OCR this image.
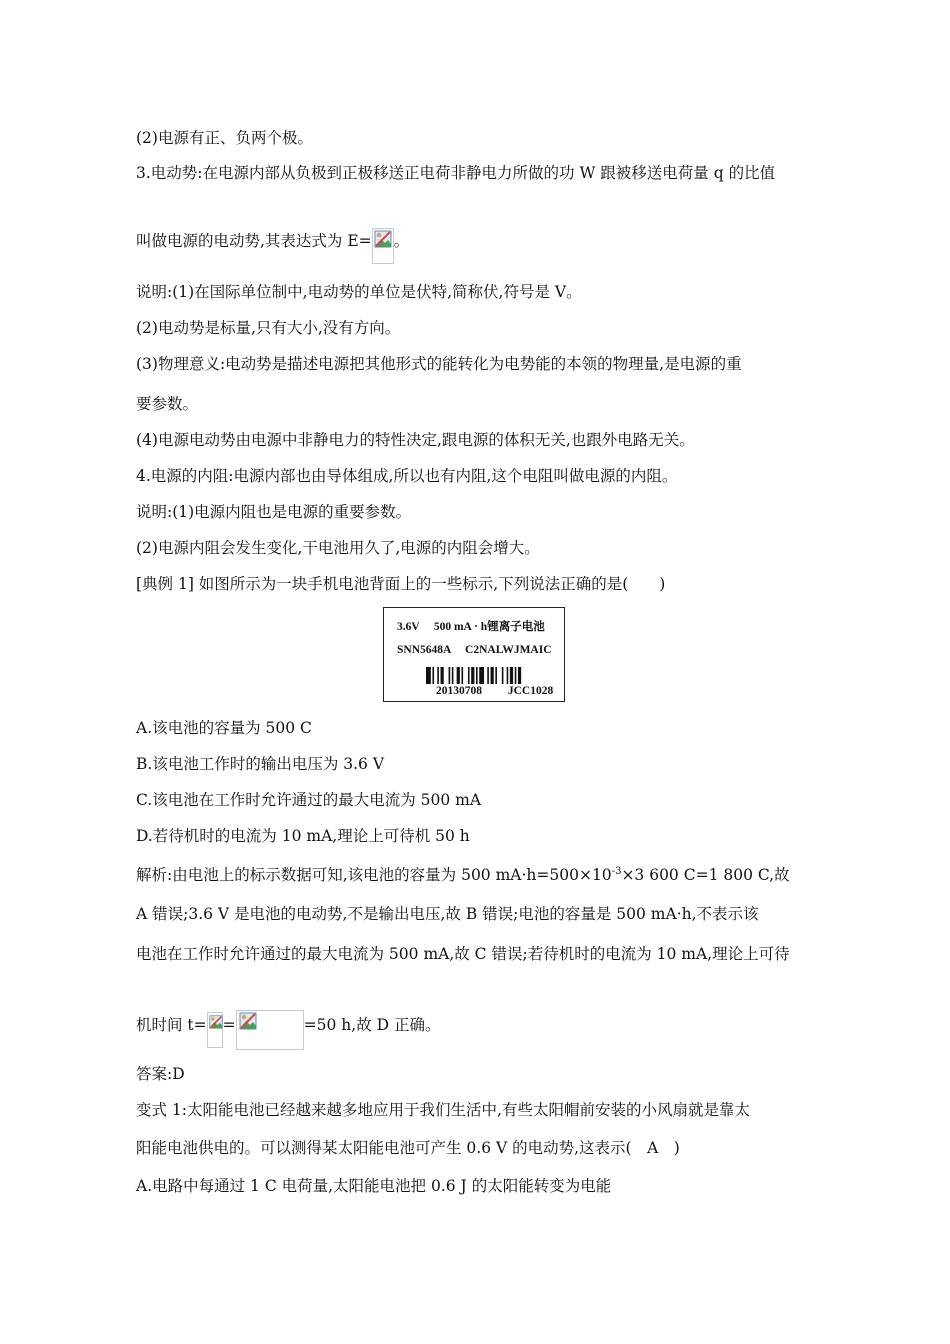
(2)电源有正、负两个极。
3.电动势:在电源内部从负极到正极移送正电荷非静电力所做的功 W 跟被移送电荷量 q 的比值
叫做电源的电动势,其表达式为 E= 。
说明:(1)在国际单位制中,电动势的单位是伏特,简称伏,符号是 V。
(2)电动势是标量,只有大小,没有方向。
(3)物理意义:电动势是描述电源把其他形式的能转化为电势能的本领的物理量,是电源的重
要参数。
(4)电源电动势由电源中非静电力的特性决定,跟电源的体积无关,也跟外电路无关。
4.电源的内阻:电源内部也由导体组成,所以也有内阻,这个电阻叫做电源的内阻。
说明:(1)电源内阻也是电源的重要参数。
(2)电源内阻会发生变化,干电池用久了,电源的内阻会增大。
[典例 1] 如图所示为一块手机电池背面上的一些标示,下列说法正确的是(　　)
3.6V　 500 mA · h锂离子电池
SNN5648A　 C2NALWJMAIC
20130708　　 JCC1028
A.该电池的容量为 500 C
B.该电池工作时的输出电压为 3.6 V
C.该电池在工作时允许通过的最大电流为 500 mA
D.若待机时的电流为 10 mA,理论上可待机 50 h
解析:由电池上的标示数据可知,该电池的容量为 500 $mA\cdot h=500\times 10^{-3}\times 3$ 600 C=1 800 C,故
A 错误;3.6 V 是电池的电动势,不是输出电压,故 B 错误;电池的容量是 500 mA·h,不表示该
电池在工作时允许通过的最大电流为 500 mA,故 C 错误;若待机时的电流为 10 mA,理论上可待
机时间 t= =	=50 h,故 D 正确。
答案:D
变式 1:太阳能电池已经越来越多地应用于我们生活中,有些太阳帽前安装的小风扇就是靠太
阳能电池供电的。可以测得某太阳能电池可产生 0.6 V 的电动势,这表示(　A　)
A.电路中每通过 1 C 电荷量,太阳能电池把 0.6 J 的太阳能转变为电能
